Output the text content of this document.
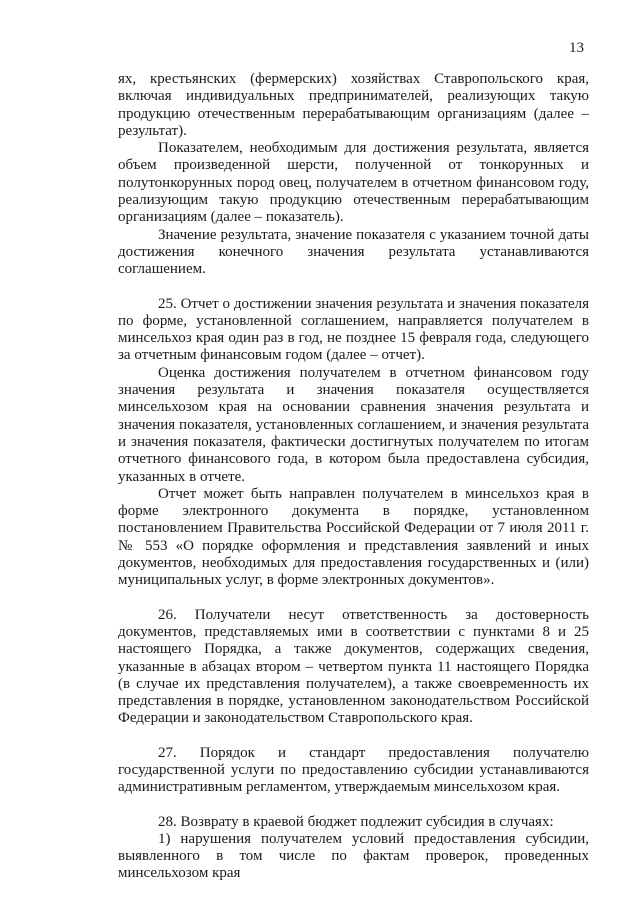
13

ях, крестьянских (фермерских) хозяйствах Ставропольского края, включая индивидуальных предпринимателей, реализующих такую продукцию отечественным перерабатывающим организациям (далее – результат).

Показателем, необходимым для достижения результата, является объем произведенной шерсти, полученной от тонкорунных и полутонкорунных пород овец, получателем в отчетном финансовом году, реализующим такую продукцию отечественным перерабатывающим организациям (далее – показатель).

Значение результата, значение показателя с указанием точной даты достижения конечного значения результата устанавливаются соглашением.

25. Отчет о достижении значения результата и значения показателя по форме, установленной соглашением, направляется получателем в минсельхоз края один раз в год, не позднее 15 февраля года, следующего за отчетным финансовым годом (далее – отчет).

Оценка достижения получателем в отчетном финансовом году значения результата и значения показателя осуществляется минсельхозом края на основании сравнения значения результата и значения показателя, установленных соглашением, и значения результата и значения показателя, фактически достигнутых получателем по итогам отчетного финансового года, в котором была предоставлена субсидия, указанных в отчете.

Отчет может быть направлен получателем в минсельхоз края в форме электронного документа в порядке, установленном постановлением Правительства Российской Федерации от 7 июля 2011 г. № 553 «О порядке оформления и представления заявлений и иных документов, необходимых для предоставления государственных и (или) муниципальных услуг, в форме электронных документов».

26. Получатели несут ответственность за достоверность документов, представляемых ими в соответствии с пунктами 8 и 25 настоящего Порядка, а также документов, содержащих сведения, указанные в абзацах втором – четвертом пункта 11 настоящего Порядка (в случае их представления получателем), а также своевременность их представления в порядке, установленном законодательством Российской Федерации и законодательством Ставропольского края.

27. Порядок и стандарт предоставления получателю государственной услуги по предоставлению субсидии устанавливаются административным регламентом, утверждаемым минсельхозом края.

28. Возврату в краевой бюджет подлежит субсидия в случаях:

1) нарушения получателем условий предоставления субсидии, выявленного в том числе по фактам проверок, проведенных минсельхозом края
